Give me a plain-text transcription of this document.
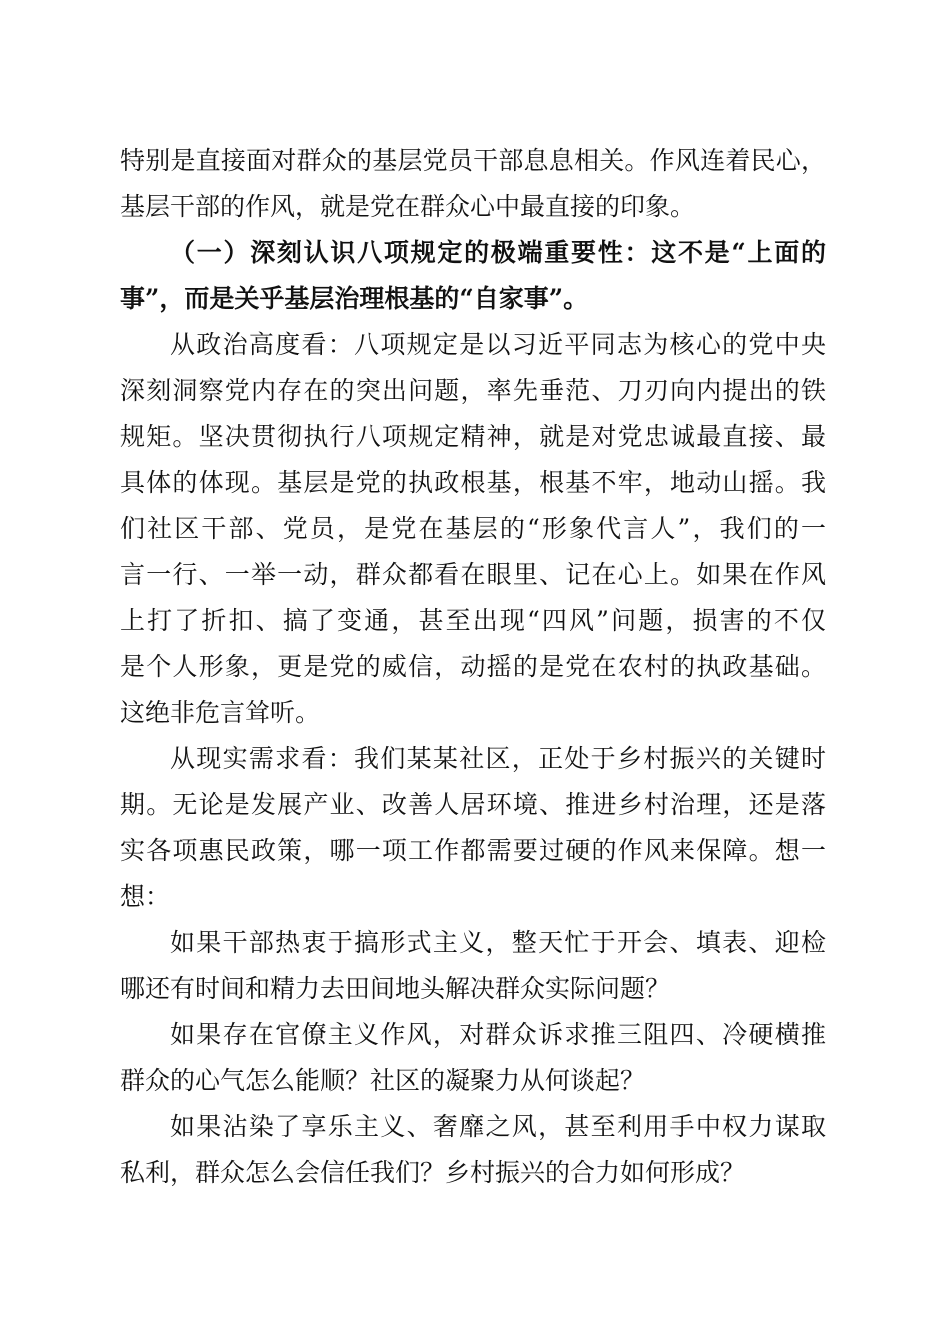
特别是直接面对群众的基层党员干部息息相关。作风连着民心，
基层干部的作风，就是党在群众心中最直接的印象。
（一）深刻认识八项规定的极端重要性：这不是“上面的
事”，而是关乎基层治理根基的“自家事”。
从政治高度看：八项规定是以习近平同志为核心的党中央
深刻洞察党内存在的突出问题，率先垂范、刀刃向内提出的铁
规矩。坚决贯彻执行八项规定精神，就是对党忠诚最直接、最
具体的体现。基层是党的执政根基，根基不牢，地动山摇。我
们社区干部、党员，是党在基层的“形象代言人”，我们的一
言一行、一举一动，群众都看在眼里、记在心上。如果在作风
上打了折扣、搞了变通，甚至出现“四风”问题，损害的不仅
是个人形象，更是党的威信，动摇的是党在农村的执政基础。
这绝非危言耸听。
从现实需求看：我们某某社区，正处于乡村振兴的关键时
期。无论是发展产业、改善人居环境、推进乡村治理，还是落
实各项惠民政策，哪一项工作都需要过硬的作风来保障。想一
想：
如果干部热衷于搞形式主义，整天忙于开会、填表、迎检
哪还有时间和精力去田间地头解决群众实际问题？
如果存在官僚主义作风，对群众诉求推三阻四、冷硬横推
群众的心气怎么能顺？社区的凝聚力从何谈起？
如果沾染了享乐主义、奢靡之风，甚至利用手中权力谋取
私利，群众怎么会信任我们？乡村振兴的合力如何形成？
